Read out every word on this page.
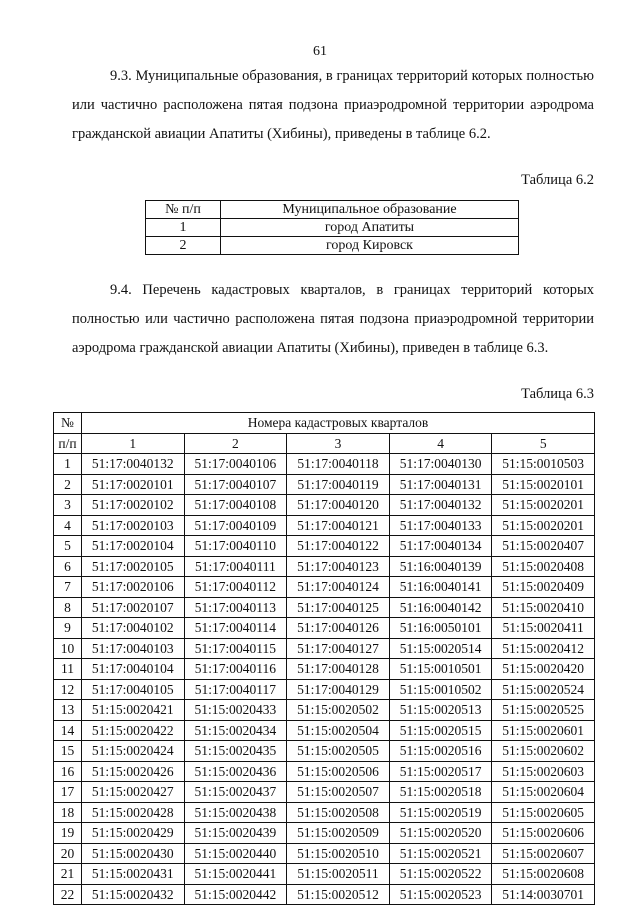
61

9.3. Муниципальные образования, в границах территорий которых полностью или частично расположена пятая подзона приаэродромной территории аэродрома гражданской авиации Апатиты (Хибины), приведены в таблице 6.2.

Таблица 6.2
№ п/п	Муниципальное образование
1	город Апатиты
2	город Кировск

9.4. Перечень кадастровых кварталов, в границах территорий которых полностью или частично расположена пятая подзона приаэродромной территории аэродрома гражданской авиации Апатиты (Хибины), приведен в таблице 6.3.

Таблица 6.3
№	Номера кадастровых кварталов				
п/п	1	2	3	4	5
1	51:17:0040132	51:17:0040106	51:17:0040118	51:17:0040130	51:15:0010503
2	51:17:0020101	51:17:0040107	51:17:0040119	51:17:0040131	51:15:0020101
3	51:17:0020102	51:17:0040108	51:17:0040120	51:17:0040132	51:15:0020201
4	51:17:0020103	51:17:0040109	51:17:0040121	51:17:0040133	51:15:0020201
5	51:17:0020104	51:17:0040110	51:17:0040122	51:17:0040134	51:15:0020407
6	51:17:0020105	51:17:0040111	51:17:0040123	51:16:0040139	51:15:0020408
7	51:17:0020106	51:17:0040112	51:17:0040124	51:16:0040141	51:15:0020409
8	51:17:0020107	51:17:0040113	51:17:0040125	51:16:0040142	51:15:0020410
9	51:17:0040102	51:17:0040114	51:17:0040126	51:16:0050101	51:15:0020411
10	51:17:0040103	51:17:0040115	51:17:0040127	51:15:0020514	51:15:0020412
11	51:17:0040104	51:17:0040116	51:17:0040128	51:15:0010501	51:15:0020420
12	51:17:0040105	51:17:0040117	51:17:0040129	51:15:0010502	51:15:0020524
13	51:15:0020421	51:15:0020433	51:15:0020502	51:15:0020513	51:15:0020525
14	51:15:0020422	51:15:0020434	51:15:0020504	51:15:0020515	51:15:0020601
15	51:15:0020424	51:15:0020435	51:15:0020505	51:15:0020516	51:15:0020602
16	51:15:0020426	51:15:0020436	51:15:0020506	51:15:0020517	51:15:0020603
17	51:15:0020427	51:15:0020437	51:15:0020507	51:15:0020518	51:15:0020604
18	51:15:0020428	51:15:0020438	51:15:0020508	51:15:0020519	51:15:0020605
19	51:15:0020429	51:15:0020439	51:15:0020509	51:15:0020520	51:15:0020606
20	51:15:0020430	51:15:0020440	51:15:0020510	51:15:0020521	51:15:0020607
21	51:15:0020431	51:15:0020441	51:15:0020511	51:15:0020522	51:15:0020608
22	51:15:0020432	51:15:0020442	51:15:0020512	51:15:0020523	51:14:0030701
